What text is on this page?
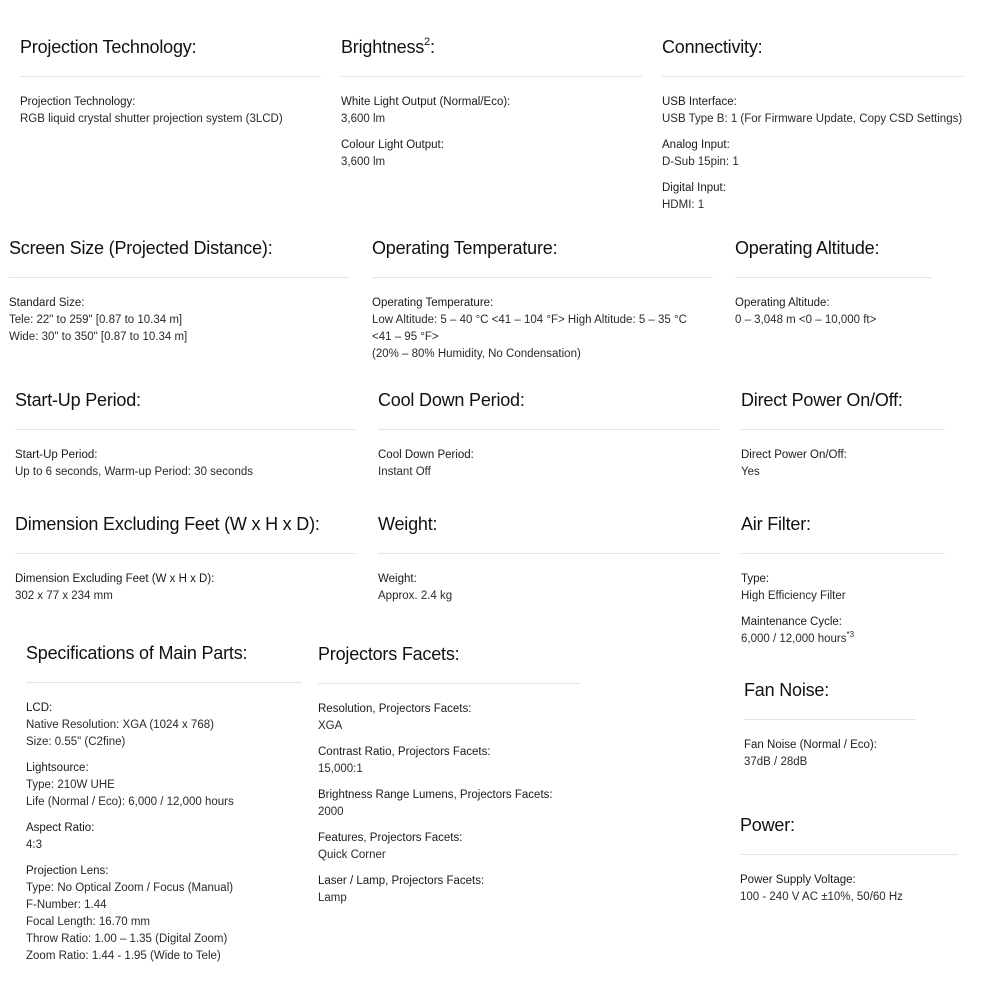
Projection Technology:
Projection Technology:
RGB liquid crystal shutter projection system (3LCD)
Brightness$^2$:
White Light Output (Normal/Eco):
3,600 lm
Colour Light Output:
3,600 lm
Connectivity:
USB Interface:
USB Type B: 1 (For Firmware Update, Copy CSD Settings)
Analog Input:
D-Sub 15pin: 1
Digital Input:
HDMI: 1
Screen Size (Projected Distance):
Standard Size:
Tele: 22" to 259" [0.87 to 10.34 m]
Wide: 30" to 350" [0.87 to 10.34 m]
Operating Temperature:
Operating Temperature:
Low Altitude: 5 – 40 °C <41 – 104 °F> High Altitude: 5 – 35 °C
<41 – 95 °F>
(20% – 80% Humidity, No Condensation)
Operating Altitude:
Operating Altitude:
0 – 3,048 m <0 – 10,000 ft>
Start-Up Period:
Start-Up Period:
Up to 6 seconds, Warm-up Period: 30 seconds
Cool Down Period:
Cool Down Period:
Instant Off
Direct Power On/Off:
Direct Power On/Off:
Yes
Dimension Excluding Feet (W x H x D):
Dimension Excluding Feet (W x H x D):
302 x 77 x 234 mm
Weight:
Weight:
Approx. 2.4 kg
Air Filter:
Type:
High Efficiency Filter
Maintenance Cycle:
6,000 / 12,000 hours$^{*3}$
Specifications of Main Parts:
LCD:
Native Resolution: XGA (1024 x 768)
Size: 0.55" (C2fine)
Lightsource:
Type: 210W UHE
Life (Normal / Eco): 6,000 / 12,000 hours
Aspect Ratio:
4:3
Projection Lens:
Type: No Optical Zoom / Focus (Manual)
F-Number: 1.44
Focal Length: 16.70 mm
Throw Ratio: 1.00 – 1.35 (Digital Zoom)
Zoom Ratio: 1.44 - 1.95 (Wide to Tele)
Projectors Facets:
Resolution, Projectors Facets:
XGA
Contrast Ratio, Projectors Facets:
15,000:1
Brightness Range Lumens, Projectors Facets:
2000
Features, Projectors Facets:
Quick Corner
Laser / Lamp, Projectors Facets:
Lamp
Fan Noise:
Fan Noise (Normal / Eco):
37dB / 28dB
Power:
Power Supply Voltage:
100 - 240 V AC ±10%, 50/60 Hz
